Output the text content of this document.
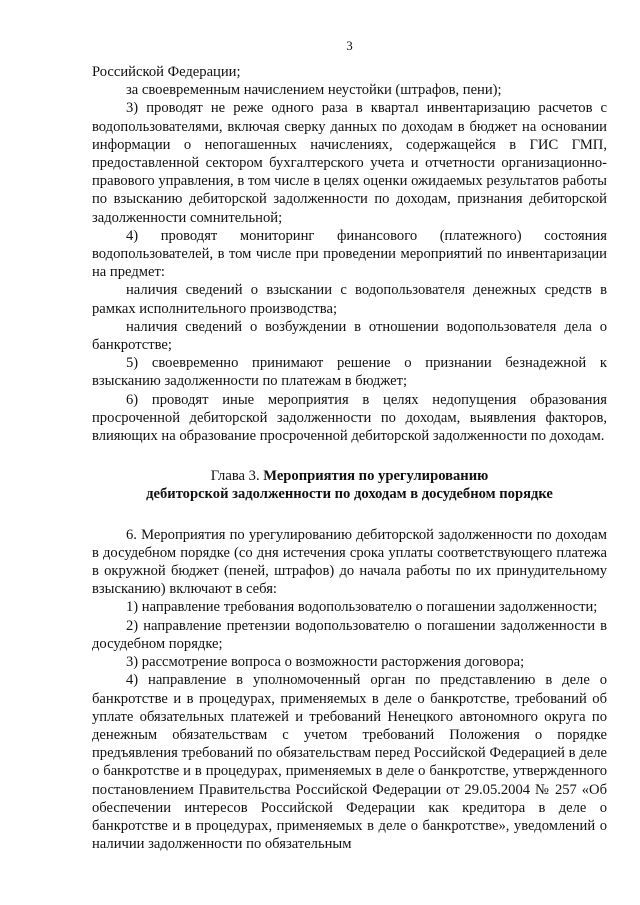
3

Российской Федерации;

за своевременным начислением неустойки (штрафов, пени);

3) проводят не реже одного раза в квартал инвентаризацию расчетов с водопользователями, включая сверку данных по доходам в бюджет на основании информации о непогашенных начислениях, содержащейся в ГИС ГМП, предоставленной сектором бухгалтерского учета и отчетности организационно-правового управления, в том числе в целях оценки ожидаемых результатов работы по взысканию дебиторской задолженности по доходам, признания дебиторской задолженности сомнительной;

4) проводят мониторинг финансового (платежного) состояния водопользователей, в том числе при проведении мероприятий по инвентаризации на предмет:

наличия сведений о взыскании с водопользователя денежных средств в рамках исполнительного производства;

наличия сведений о возбуждении в отношении водопользователя дела о банкротстве;

5) своевременно принимают решение о признании безнадежной к взысканию задолженности по платежам в бюджет;

6) проводят иные мероприятия в целях недопущения образования просроченной дебиторской задолженности по доходам, выявления факторов, влияющих на образование просроченной дебиторской задолженности по доходам.

Глава 3. Мероприятия по урегулированию
дебиторской задолженности по доходам в досудебном порядке

6. Мероприятия по урегулированию дебиторской задолженности по доходам в досудебном порядке (со дня истечения срока уплаты соответствующего платежа в окружной бюджет (пеней, штрафов) до начала работы по их принудительному взысканию) включают в себя:

1) направление требования водопользователю о погашении задолженности;

2) направление претензии водопользователю о погашении задолженности в досудебном порядке;

3) рассмотрение вопроса о возможности расторжения договора;

4) направление в уполномоченный орган по представлению в деле о банкротстве и в процедурах, применяемых в деле о банкротстве, требований об уплате обязательных платежей и требований Ненецкого автономного округа по денежным обязательствам с учетом требований Положения о порядке предъявления требований по обязательствам перед Российской Федерацией в деле о банкротстве и в процедурах, применяемых в деле о банкротстве, утвержденного постановлением Правительства Российской Федерации от 29.05.2004 № 257 «Об обеспечении интересов Российской Федерации как кредитора в деле о банкротстве и в процедурах, применяемых в деле о банкротстве», уведомлений о наличии задолженности по обязательным
